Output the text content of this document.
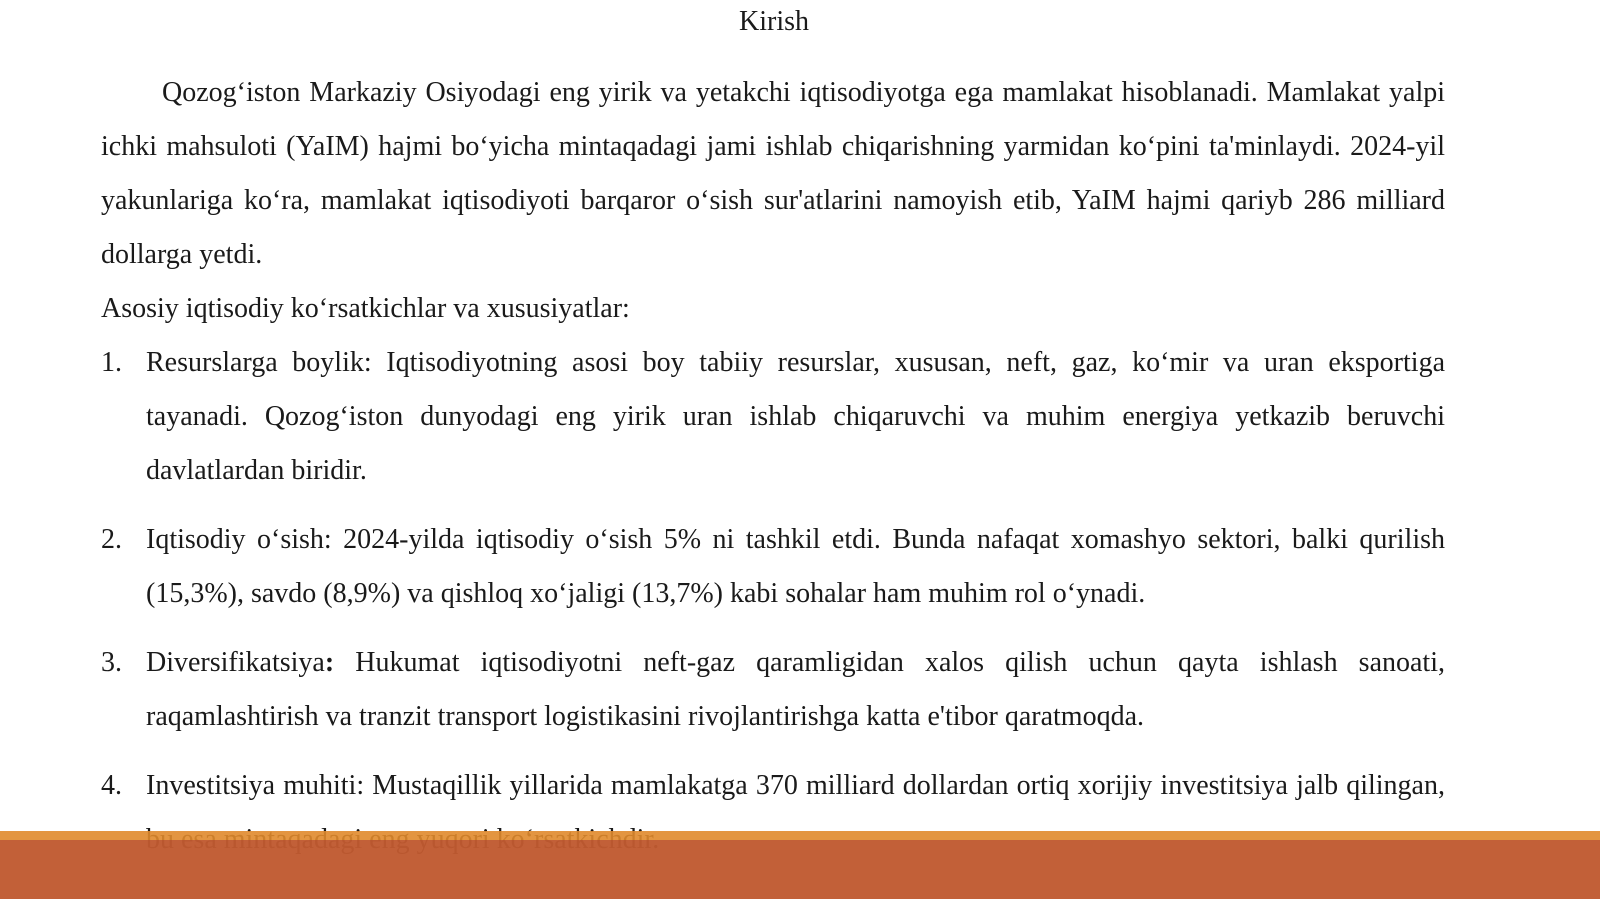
Kirish

Qozog‘iston Markaziy Osiyodagi eng yirik va yetakchi iqtisodiyotga ega mamlakat hisoblanadi. Mamlakat yalpi ichki mahsuloti (YaIM) hajmi bo‘yicha mintaqadagi jami ishlab chiqarishning yarmidan ko‘pini ta'minlaydi. 2024-yil yakunlariga ko‘ra, mamlakat iqtisodiyoti barqaror o‘sish sur'atlarini namoyish etib, YaIM hajmi qariyb 286 milliard dollarga yetdi.

Asosiy iqtisodiy ko‘rsatkichlar va xususiyatlar:

1. Resurslarga boylik: Iqtisodiyotning asosi boy tabiiy resurslar, xususan, neft, gaz, ko‘mir va uran eksportiga tayanadi. Qozog‘iston dunyodagi eng yirik uran ishlab chiqaruvchi va muhim energiya yetkazib beruvchi davlatlardan biridir.
2. Iqtisodiy o‘sish: 2024-yilda iqtisodiy o‘sish 5% ni tashkil etdi. Bunda nafaqat xomashyo sektori, balki qurilish (15,3%), savdo (8,9%) va qishloq xo‘jaligi (13,7%) kabi sohalar ham muhim rol o‘ynadi.
3. Diversifikatsiya: Hukumat iqtisodiyotni neft-gaz qaramligidan xalos qilish uchun qayta ishlash sanoati, raqamlashtirish va tranzit transport logistikasini rivojlantirishga katta e'tibor qaratmoqda.
4. Investitsiya muhiti: Mustaqillik yillarida mamlakatga 370 milliard dollardan ortiq xorijiy investitsiya jalb qilingan,
